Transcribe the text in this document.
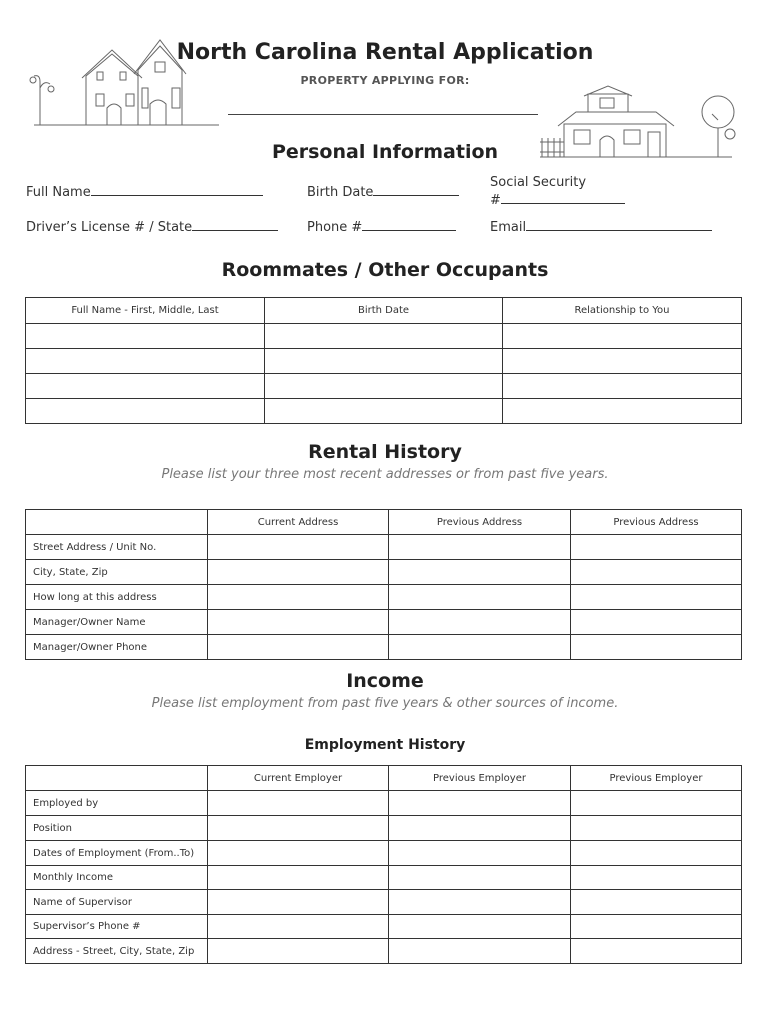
North Carolina Rental Application
PROPERTY APPLYING FOR:
Personal Information
Full Name	Birth Date
Social Security
#
Driver’s License # / State	Phone #	Email
Roommates / Other Occupants
Full Name - First, Middle, Last	Birth Date	Relationship to You

Rental History
Please list your three most recent addresses or from past five years.
	Current Address	Previous Address	Previous Address
Street Address / Unit No.			
City, State, Zip			
How long at this address			
Manager/Owner Name			
Manager/Owner Phone			
Income
Please list employment from past five years & other sources of income.
Employment History
	Current Employer	Previous Employer	Previous Employer
Employed by			
Position			
Dates of Employment (From..To)			
Monthly Income			
Name of Supervisor			
Supervisor’s Phone #			
Address - Street, City, State, Zip			
